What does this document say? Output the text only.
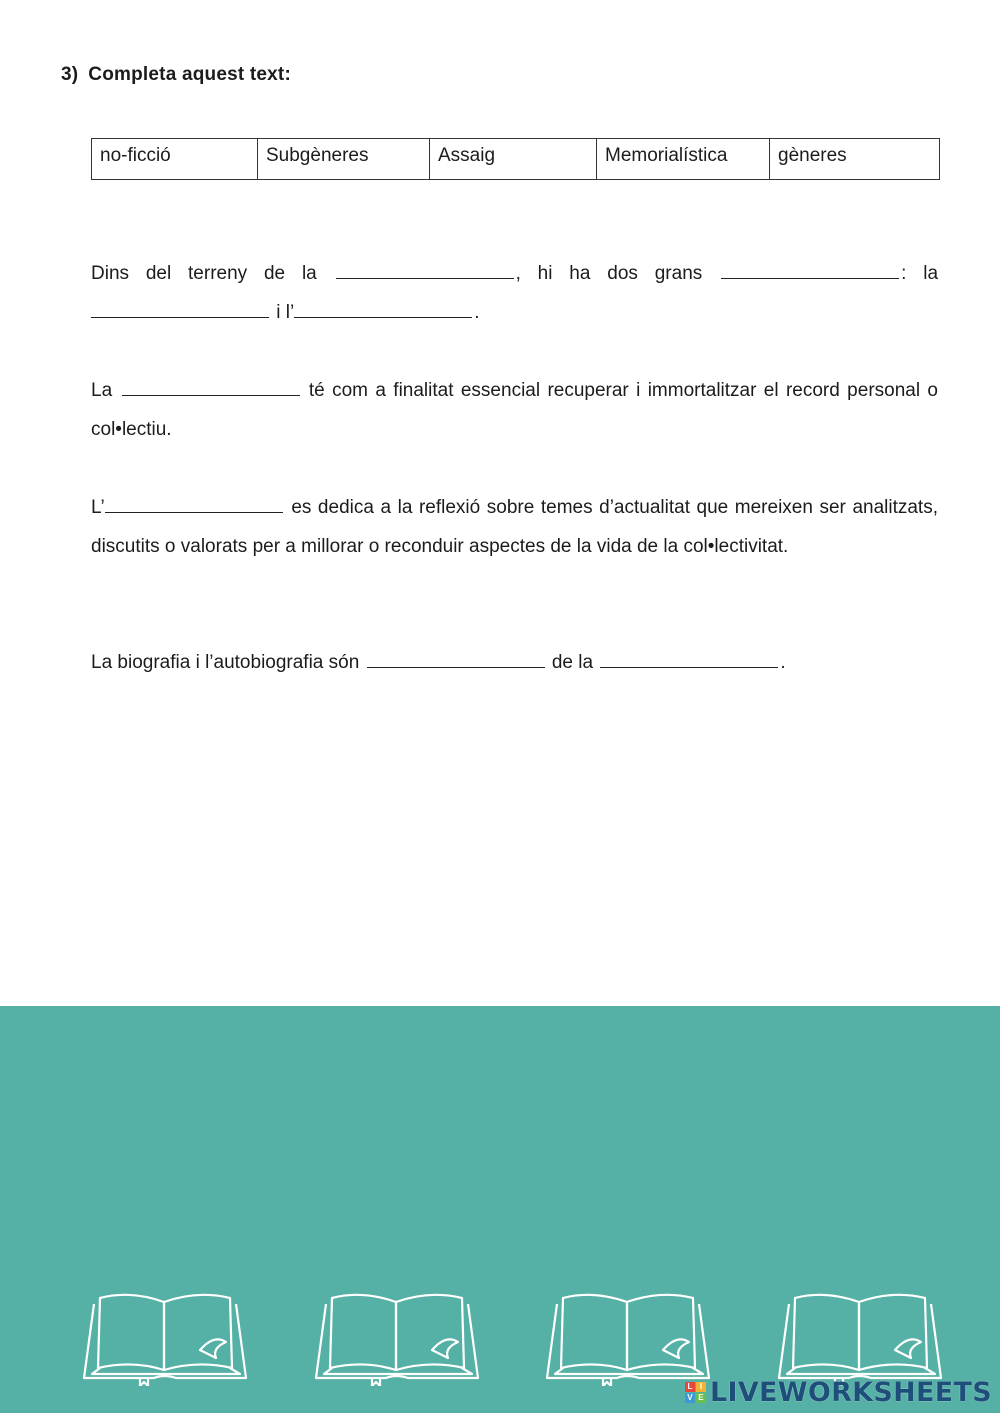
3) Completa aquest text:
no-ficció	Subgèneres	Assaig	Memorialística	gèneres
Dins del terreny de la	, hi ha dos grans	: la  i l’	.
La	té com a finalitat essencial recuperar i immortalitzar el record personal o col•lectiu.
L’	es dedica a la reflexió sobre temes d’actualitat que mereixen ser analitzats, discutits o valorats per a millorar o reconduir aspectes de la vida de la col•lectivitat.
La biografia i l’autobiografia són	de la	.
L I
V E LIVEWORKSHEETS
